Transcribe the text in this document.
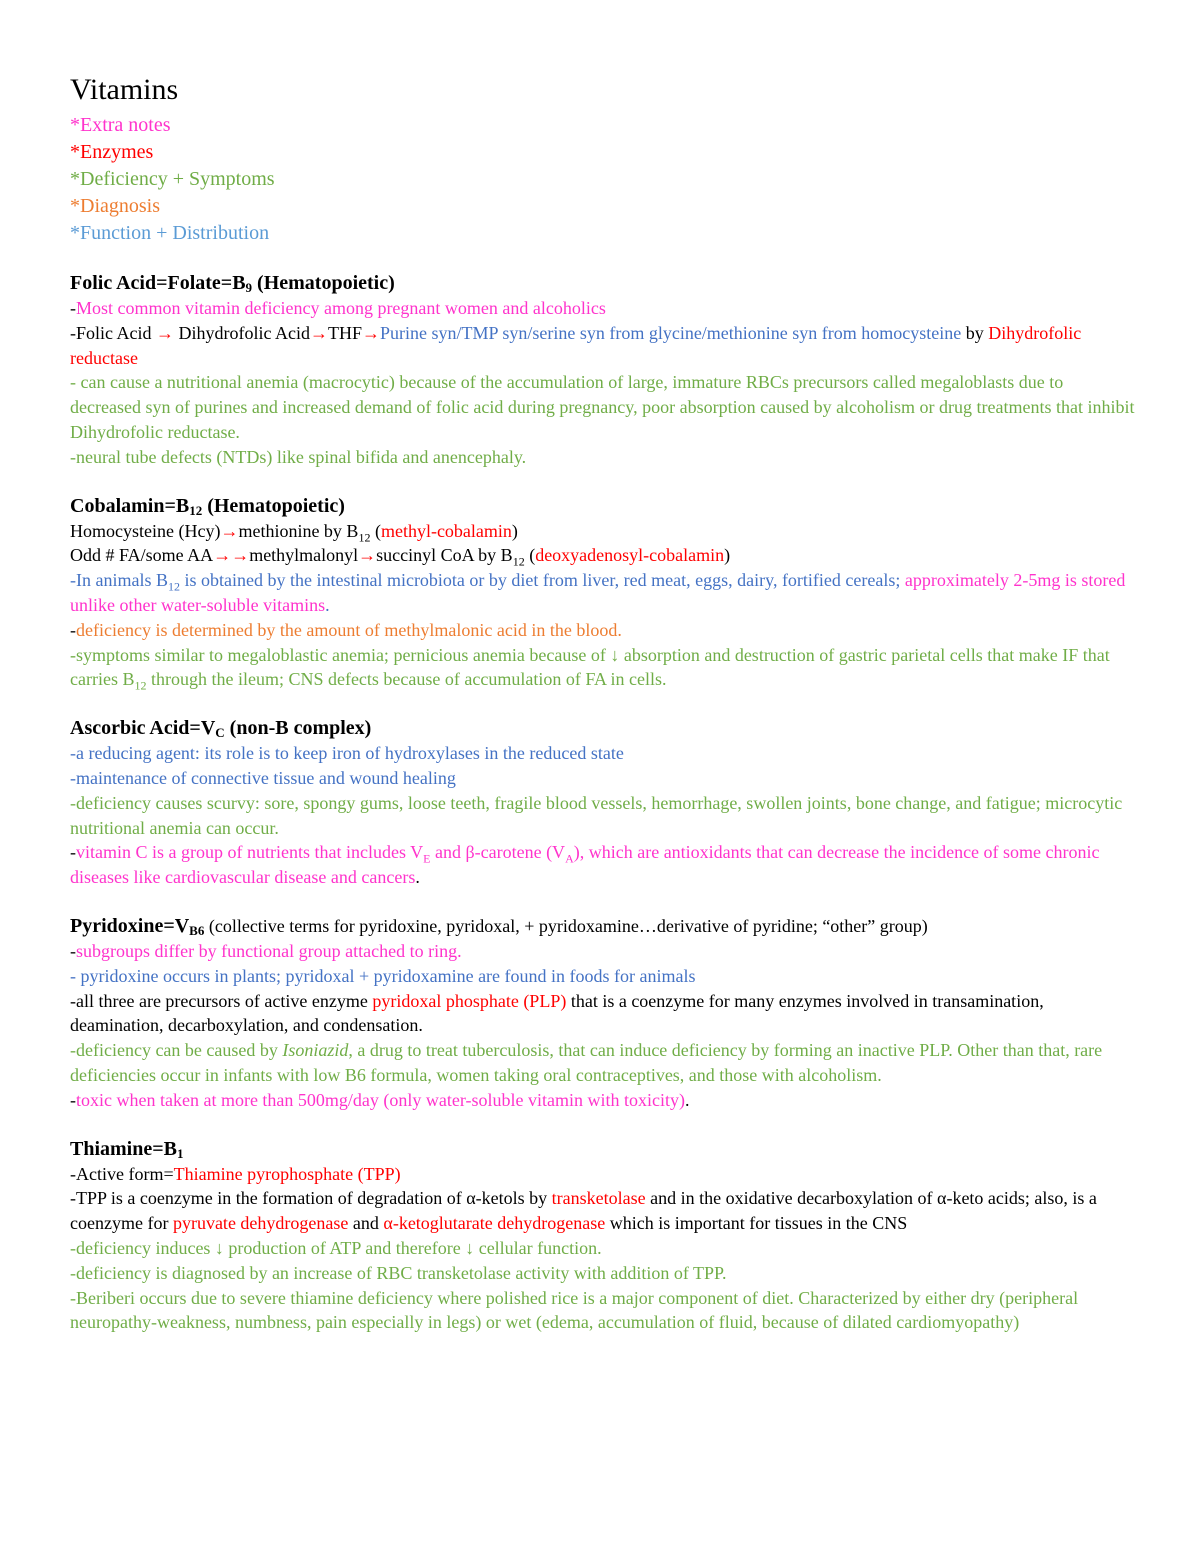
Vitamins
*Extra notes
*Enzymes
*Deficiency + Symptoms
*Diagnosis
*Function + Distribution
Folic Acid=Folate=B9 (Hematopoietic)

-Most common vitamin deficiency among pregnant women and alcoholics

-Folic Acid → Dihydrofolic Acid→THF→Purine syn/TMP syn/serine syn from glycine/methionine syn from homocysteine by Dihydrofolic reductase

- can cause a nutritional anemia (macrocytic) because of the accumulation of large, immature RBCs precursors called megaloblasts due to decreased syn of purines and increased demand of folic acid during pregnancy, poor absorption caused by alcoholism or drug treatments that inhibit Dihydrofolic reductase.

-neural tube defects (NTDs) like spinal bifida and anencephaly.

Cobalamin=B12 (Hematopoietic)

Homocysteine (Hcy)→methionine by $B_{12}$ (methyl-cobalamin)

Odd # FA/some AA→→methylmalonyl→succinyl CoA by $B_{12}$ (deoxyadenosyl-cobalamin)

-In animals $B_{12}$ is obtained by the intestinal microbiota or by diet from liver, red meat, eggs, dairy, fortified cereals; approximately 2-5mg is stored unlike other water-soluble vitamins.

-deficiency is determined by the amount of methylmalonic acid in the blood.

-symptoms similar to megaloblastic anemia; pernicious anemia because of ↓ absorption and destruction of gastric parietal cells that make IF that carries $B_{12}$ through the ileum; CNS defects because of accumulation of FA in cells.

Ascorbic Acid=VC (non-B complex)

-a reducing agent: its role is to keep iron of hydroxylases in the reduced state

-maintenance of connective tissue and wound healing

-deficiency causes scurvy: sore, spongy gums, loose teeth, fragile blood vessels, hemorrhage, swollen joints, bone change, and fatigue; microcytic nutritional anemia can occur.

-vitamin C is a group of nutrients that includes $V_E$ and β-carotene $(V_A)$, which are antioxidants that can decrease the incidence of some chronic diseases like cardiovascular disease and cancers.

Pyridoxine=VB6 (collective terms for pyridoxine, pyridoxal, + pyridoxamine…derivative of pyridine; “other” group)

-subgroups differ by functional group attached to ring.

- pyridoxine occurs in plants; pyridoxal + pyridoxamine are found in foods for animals

-all three are precursors of active enzyme pyridoxal phosphate (PLP) that is a coenzyme for many enzymes involved in transamination, deamination, decarboxylation, and condensation.

-deficiency can be caused by Isoniazid, a drug to treat tuberculosis, that can induce deficiency by forming an inactive PLP. Other than that, rare deficiencies occur in infants with low B6 formula, women taking oral contraceptives, and those with alcoholism.

-toxic when taken at more than 500mg/day (only water-soluble vitamin with toxicity).

Thiamine=B1

-Active form=Thiamine pyrophosphate (TPP)

-TPP is a coenzyme in the formation of degradation of α-ketols by transketolase and in the oxidative decarboxylation of α-keto acids; also, is a coenzyme for pyruvate dehydrogenase and α-ketoglutarate dehydrogenase which is important for tissues in the CNS

-deficiency induces ↓ production of ATP and therefore ↓ cellular function.

-deficiency is diagnosed by an increase of RBC transketolase activity with addition of TPP.

-Beriberi occurs due to severe thiamine deficiency where polished rice is a major component of diet. Characterized by either dry (peripheral neuropathy-weakness, numbness, pain especially in legs) or wet (edema, accumulation of fluid, because of dilated cardiomyopathy)
